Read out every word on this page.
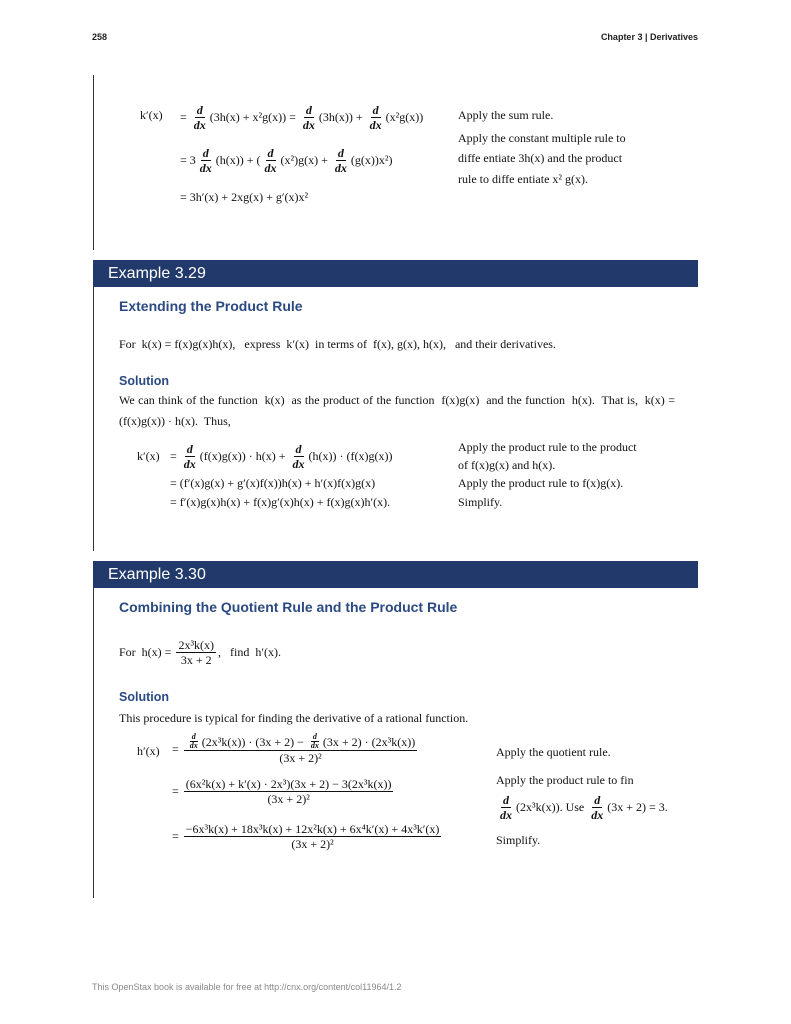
258	Chapter 3 | Derivatives
$k'(x) = \frac{d}{dx} (3h(x) + x^2g(x)) = \frac{d}{dx} (3h(x)) + \frac{d}{dx} (x^2g(x))$
= $3 \frac{d}{dx} (h(x))$ + ( $\frac{d}{dx} (x^2)g(x) + \frac{d}{dx} (g(x))x^2$)
= 3h′(x) + 2xg(x) + g′(x)x²
Apply the sum rule.
Apply the constant multiple rule to
diffe entiate 3h(x) and the product
rule to diffe entiate x² g(x).
Example 3.29
Extending the Product Rule
For  k(x) = f(x)g(x)h(x),   express  k′(x)  in terms of  f(x), g(x), h(x),   and their derivatives.
Solution
We can think of the function  k(x)  as the product of the function  f(x)g(x)  and the function  h(x).  That is,  k(x) = (f(x)g(x)) · h(x).  Thus,
$k'(x) = \frac{d}{dx} (f(x)g(x)) \cdot h(x) + \frac{d}{dx} (h(x)) \cdot (f(x)g(x))$
= (f′(x)g(x) + g′(x)f(x))h(x) + h′(x)f(x)g(x)
= f′(x)g(x)h(x) + f(x)g′(x)h(x) + f(x)g(x)h′(x).
Apply the product rule to the product
of f(x)g(x) and h(x).
Apply the product rule to f(x)g(x).
Simplify.
Example 3.30
Combining the Quotient Rule and the Product Rule
For  $h(x) = \frac{\text{2x³k(x)}}{3x + 2}$ ,   find  h′(x).
Solution
This procedure is typical for finding the derivative of a rational function.
$h'(x) = \frac{\frac{d}{dx} (2x^3k(x)) \cdot (3x + 2) - \frac{d}{dx} (3x + 2) \cdot (2x^3k(x))}{\text{(3x + 2)²}}$
= $\frac{\text{(6x²k(x) + k′(x) · 2x³)(3x + 2) − 3(2x³k(x))}}{\text{(3x + 2)²}}$
= $\frac{\text{−6x³k(x) + 18x³k(x) + 12x²k(x) + 6x⁴k′(x) + 4x³k′(x)}}{\text{(3x + 2)²}}$
Apply the quotient rule.
Apply the product rule to fin
$\frac{d}{dx} (2x^3k(x))$. Use $\frac{d}{dx} (3x + 2) = 3$.
Simplify.
This OpenStax book is available for free at http://cnx.org/content/col11964/1.2
